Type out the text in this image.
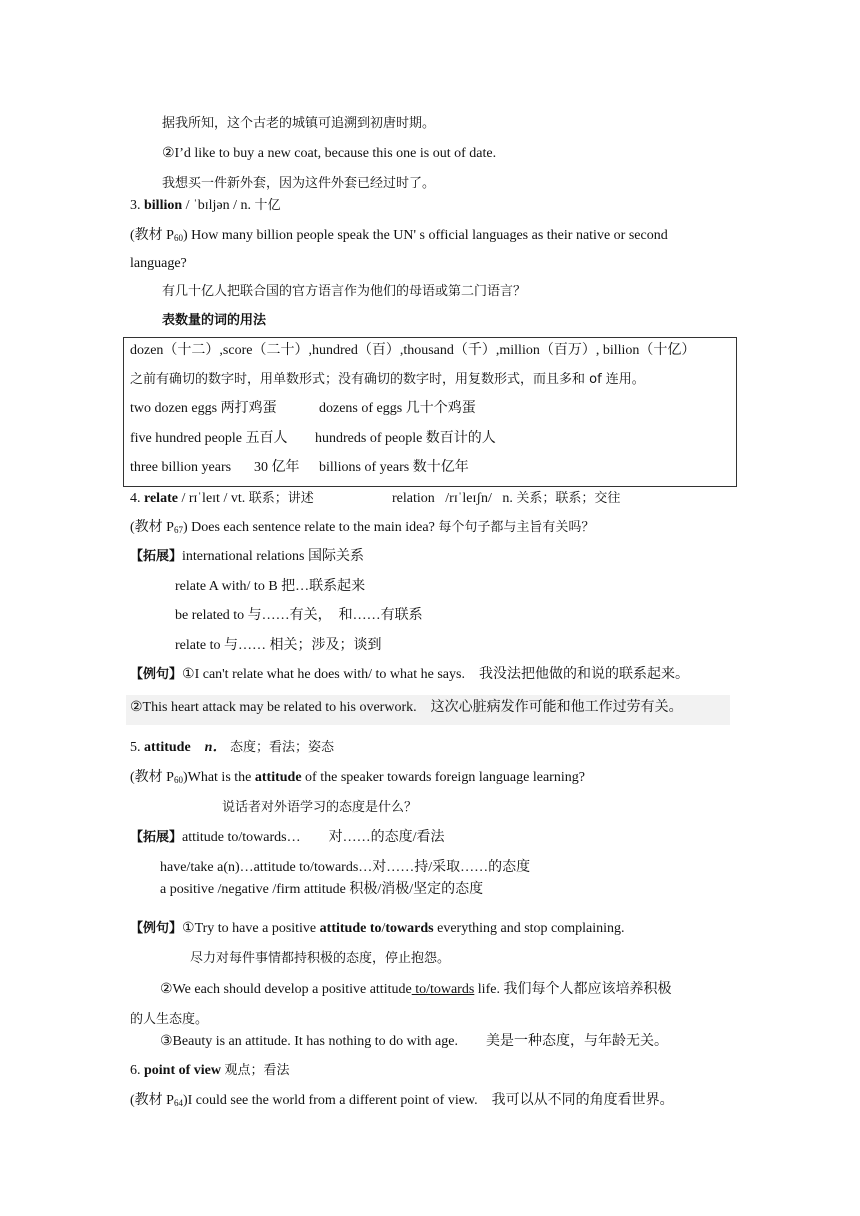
据我所知，这个古老的城镇可追溯到初唐时期。
②I’d like to buy a new coat, because this one is out of date.
我想买一件新外套，因为这件外套已经过时了。
3. billion / ˈbɪljən / n. 十亿
(教材 $P_{60}$) How many billion people speak the UN' s official languages as their native or second
language?
有几十亿人把联合国的官方语言作为他们的母语或第二门语言？
表数量的词的用法
dozen（十二）,score（二十）,hundred（百）,thousand（千）,million（百万）, billion（十亿）
之前有确切的数字时，用单数形式；没有确切的数字时，用复数形式，而且多和 of 连用。
two dozen eggs 两打鸡蛋	dozens of eggs 几十个鸡蛋
five hundred people 五百人 hundreds of people 数百计的人
three billion years 30 亿年 billions of years 数十亿年
4. relate / rɪˈleɪt / vt. 联系；讲述	relation /rɪˈleɪʃn/ n. 关系；联系；交往
(教材 $P_{67}$) Does each sentence relate to the main idea? 每个句子都与主旨有关吗？
【拓展】international relations 国际关系
relate A with/ to B 把…联系起来
be related to 与……有关，　和……有联系
relate to 与…… 相关；涉及；谈到
【例句】①I can't relate what he does with/ to what he says.　我没法把他做的和说的联系起来。
②This heart attack may be related to his overwork.　这次心脏病发作可能和他工作过劳有关。
5. attitude n． 态度；看法；姿态
(教材 $P_{60})What$ is the attitude of the speaker towards foreign language learning?
说话者对外语学习的态度是什么？
【拓展】attitude to/towards…　　对……的态度/看法
have/take a(n)…attitude to/towards…对……持/采取……的态度
a positive /negative /firm attitude 积极/消极/坚定的态度
【例句】①Try to have a positive attitude to/towards everything and stop complaining.
尽力对每件事情都持积极的态度，停止抱怨。
②We each should develop a positive attitude to/towards life. 我们每个人都应该培养积极
的人生态度。
③Beauty is an attitude. It has nothing to do with age.　　美是一种态度，与年龄无关。
6. point of view 观点；看法
(教材 $P_{64})I$ could see the world from a different point of view.　我可以从不同的角度看世界。
